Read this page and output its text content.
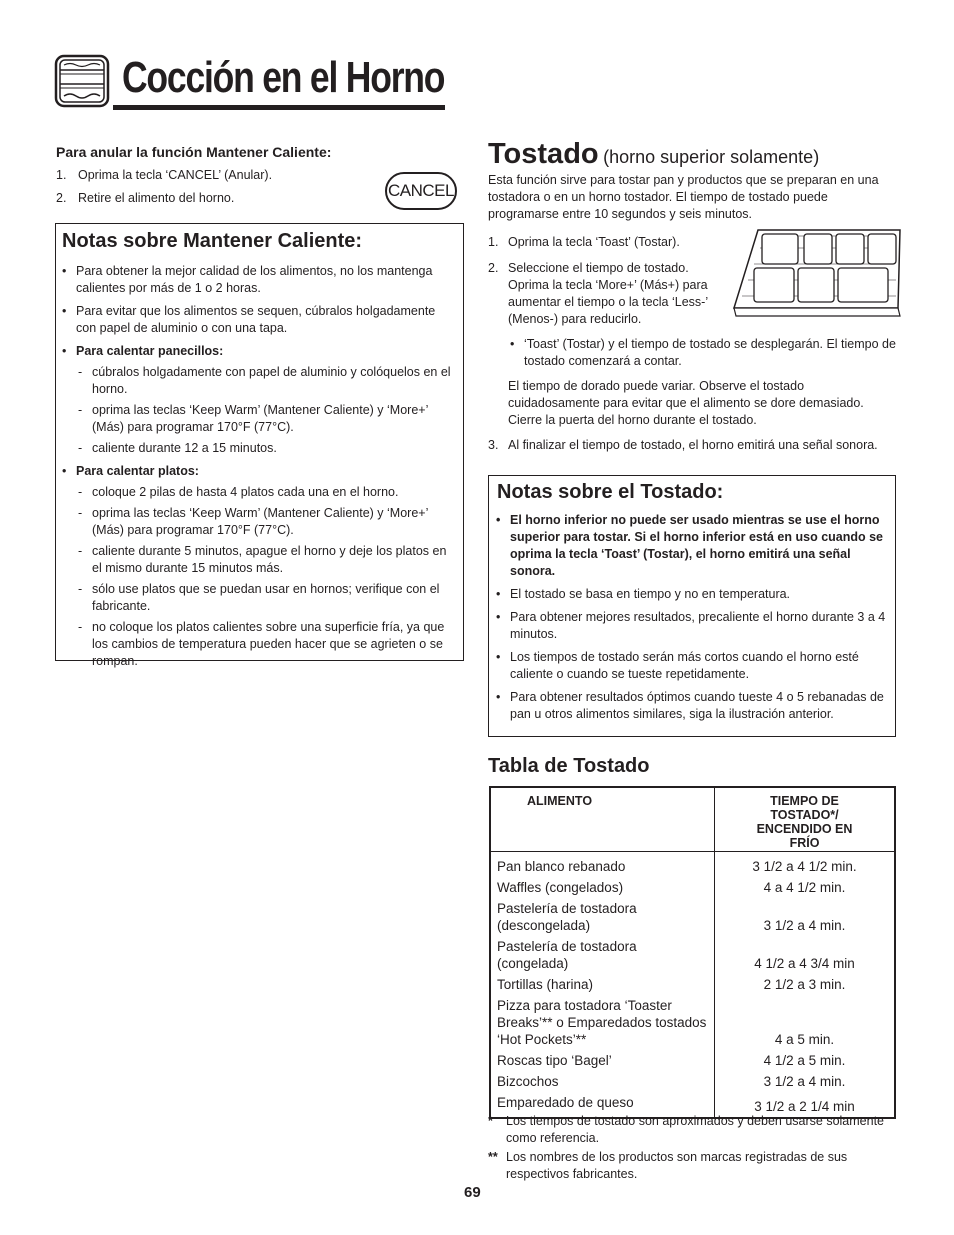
Cocción en el Horno
Para anular la función Mantener Caliente:
1. Oprima la tecla ‘CANCEL’ (Anular).
2. Retire el alimento del horno.	CANCEL
Notas sobre Mantener Caliente:
• Para obtener la mejor calidad de los alimentos, no los mantenga calientes por más de 1 o 2 horas.
• Para evitar que los alimentos se sequen, cúbralos holgadamente con papel de aluminio o con una tapa.
• Para calentar panecillos:
- cúbralos holgadamente con papel de aluminio y colóquelos en el horno.
- oprima las teclas ‘Keep Warm’ (Mantener Caliente) y ‘More+’ (Más) para programar 170°F (77°C).
- caliente durante 12 a 15 minutos.
• Para calentar platos:
- coloque 2 pilas de hasta 4 platos cada una en el horno.
- oprima las teclas ‘Keep Warm’ (Mantener Caliente) y ‘More+’ (Más) para programar 170°F (77°C).
- caliente durante 5 minutos, apague el horno y deje los platos en el mismo durante 15 minutos más.
- sólo use platos que se puedan usar en hornos; verifique con el fabricante.
- no coloque los platos calientes sobre una superficie fría, ya que los cambios de temperatura pueden hacer que se agrieten o se rompan.
Tostado (horno superior solamente)
Esta función sirve para tostar pan y productos que se preparan en una tostadora o en un horno tostador. El tiempo de tostado puede programarse entre 10 segundos y seis minutos.
1. Oprima la tecla ‘Toast’ (Tostar).
2. Seleccione el tiempo de tostado. Oprima la tecla ‘More+’ (Más+) para aumentar el tiempo o la tecla ‘Less-’ (Menos-) para reducirlo.
• ‘Toast’ (Tostar) y el tiempo de tostado se desplegarán. El tiempo de tostado comenzará a contar.
El tiempo de dorado puede variar. Observe el tostado cuidadosamente para evitar que el alimento se dore demasiado. Cierre la puerta del horno durante el tostado.
3. Al finalizar el tiempo de tostado, el horno emitirá una señal sonora.
Notas sobre el Tostado:
• El horno inferior no puede ser usado mientras se use el horno superior para tostar. Si el horno inferior está en uso cuando se oprima la tecla ‘Toast’ (Tostar), el horno emitirá una señal sonora.
• El tostado se basa en tiempo y no en temperatura.
• Para obtener mejores resultados, precaliente el horno durante 3 a 4 minutos.
• Los tiempos de tostado serán más cortos cuando el horno esté caliente o cuando se tueste repetidamente.
• Para obtener resultados óptimos cuando tueste 4 o 5 rebanadas de pan u otros alimentos similares, siga la ilustración anterior.
Tabla de Tostado
ALIMENTO	TIEMPO DE TOSTADO*/ ENCENDIDO EN FRÍO
Pan blanco rebanado	3 1/2 a 4 1/2 min.
Waffles (congelados)	4 a 4 1/2 min.
Pastelería de tostadora (descongelada)	3 1/2 a 4 min.
Pastelería de tostadora (congelada)	4 1/2 a 4 3/4 min
Tortillas (harina)	2 1/2 a 3 min.
Pizza para tostadora ‘Toaster Breaks’** o Emparedados tostados ‘Hot Pockets’**	4 a 5 min.
Roscas tipo ‘Bagel’	4 1/2 a 5 min.
Bizcochos	3 1/2 a 4 min.
Emparedado de queso	3 1/2 a 2 1/4 min
* Los tiempos de tostado son aproximados y deben usarse solamente como referencia.
** Los nombres de los productos son marcas registradas de sus respectivos fabricantes.
69
